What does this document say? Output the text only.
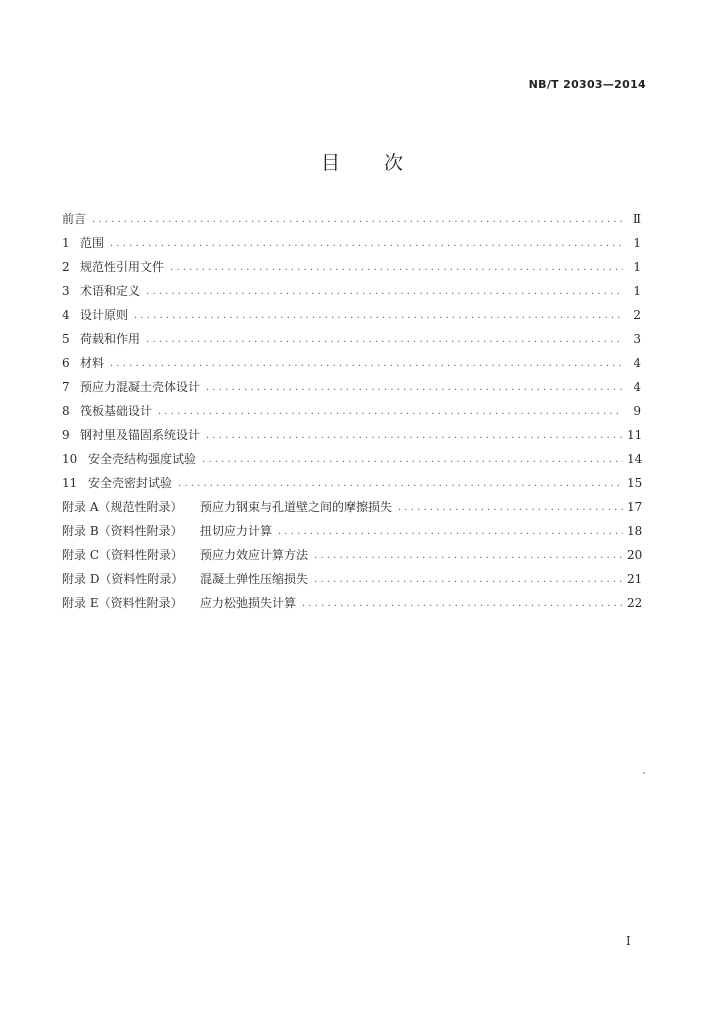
NB/T 20303—2014
目 次
前言 . . .	Ⅱ
1 范围 . . .	1
2 规范性引用文件 . . .	1
3 术语和定义 . . .	1
4 设计原则 . . .	2
5 荷载和作用 . . .	3
6 材料 . . .	4
7 预应力混凝土壳体设计 . . .	4
8 筏板基础设计 . . .	9
9 钢衬里及锚固系统设计 . . .	11
10 安全壳结构强度试验 . . .	14
11 安全壳密封试验 . . .	15
附录 A（规范性附录）	预应力钢束与孔道壁之间的摩擦损失 . . .	17
附录 B（资料性附录）	扭切应力计算 . . .	18
附录 C（资料性附录）	预应力效应计算方法 . . .	20
附录 D（资料性附录）	混凝土弹性压缩损失 . . .	21
附录 E（资料性附录）	应力松弛损失计算 . . .	22
I
